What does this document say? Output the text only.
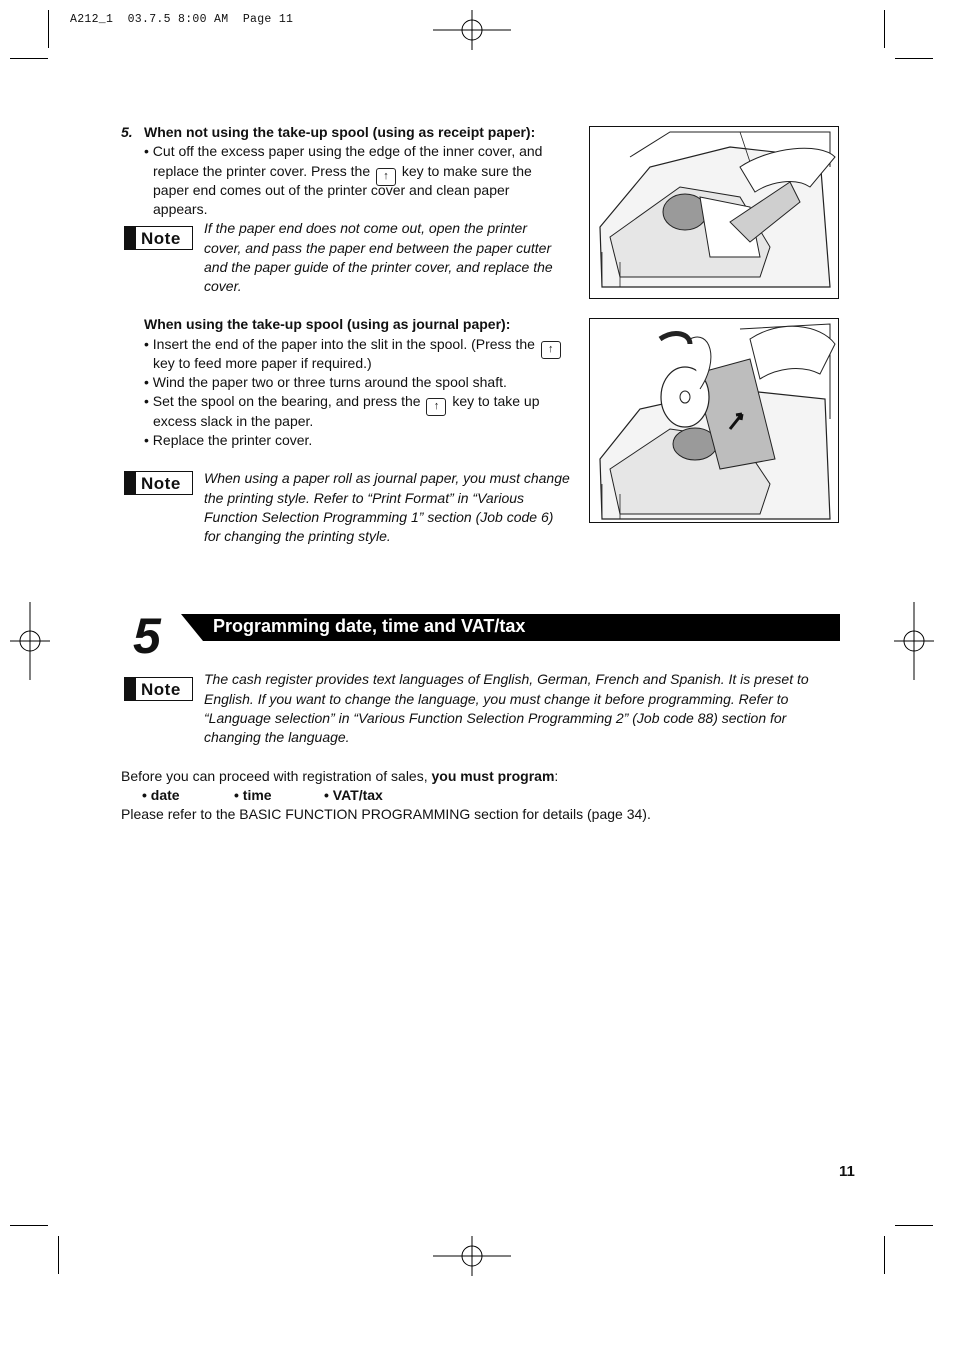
A212_1  03.7.5 8:00 AM  Page 11
5. When not using the take-up spool (using as receipt paper):
• Cut off the excess paper using the edge of the inner cover, and
replace the printer cover. Press the ↑ key to make sure the
paper end comes out of the printer cover and clean paper
appears.
Note
If the paper end does not come out, open the printer
cover, and pass the paper end between the paper cutter
and the paper guide of the printer cover, and replace the
cover.
When using the take-up spool (using as journal paper):
• Insert the end of the paper into the slit in the spool. (Press the ↑
key to feed more paper if required.)
• Wind the paper two or three turns around the spool shaft.
• Set the spool on the bearing, and press the ↑ key to take up
excess slack in the paper.
• Replace the printer cover.
Note When using a paper roll as journal paper, you must change
the printing style. Refer to “Print Format” in “Various
Function Selection Programming 1” section (Job code 6)
for changing the printing style.
5	Programming date, time and VAT/tax
Note
The cash register provides text languages of English, German, French and Spanish. It is preset to
English. If you want to change the language, you must change it before programming. Refer to
“Language selection” in “Various Function Selection Programming 2” (Job code 88) section for
changing the language.
Before you can proceed with registration of sales, you must program:
• date	• time	• VAT/tax
Please refer to the BASIC FUNCTION PROGRAMMING section for details (page 34).
11
